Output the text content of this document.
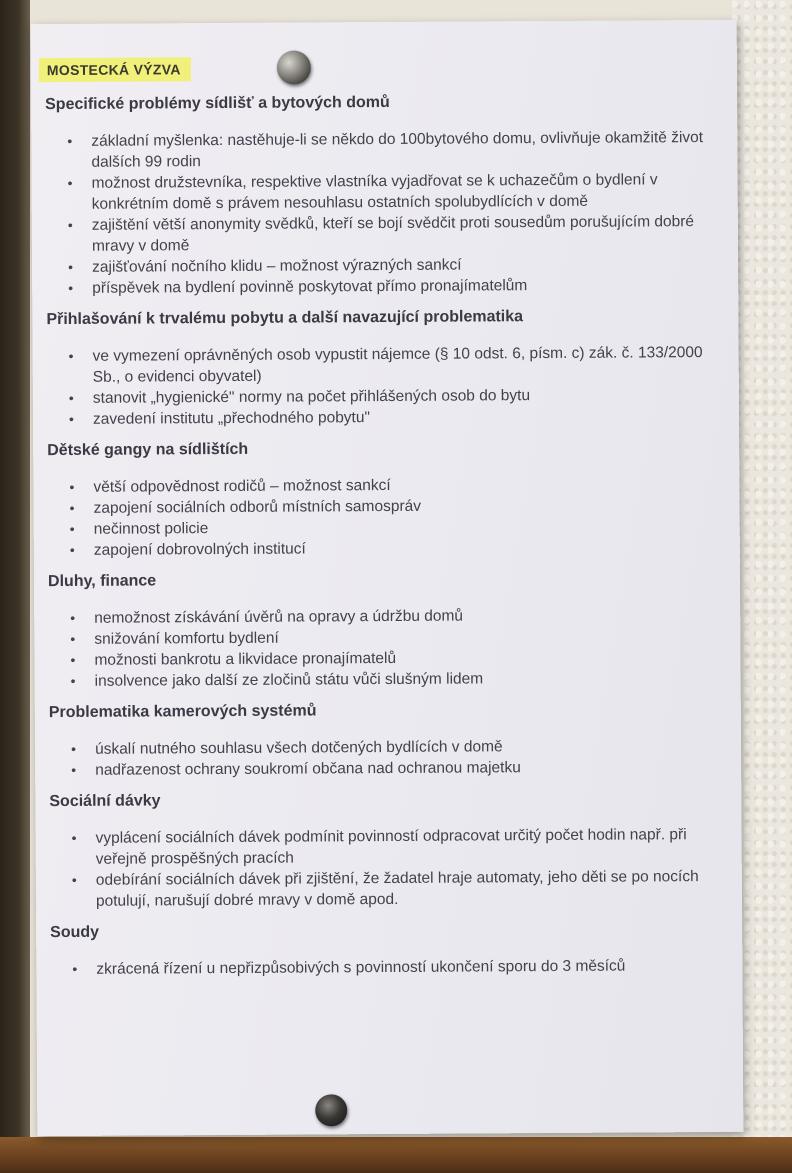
MOSTECKÁ VÝZVA
Specifické problémy sídlišť a bytových domů
• základní myšlenka: nastěhuje-li se někdo do 100bytového domu, ovlivňuje okamžitě život dalších 99 rodin
• možnost družstevníka, respektive vlastníka vyjadřovat se k uchazečům o bydlení v konkrétním domě s právem nesouhlasu ostatních spolubydlících v domě
• zajištění větší anonymity svědků, kteří se bojí svědčit proti sousedům porušujícím dobré mravy v domě
• zajišťování nočního klidu – možnost výrazných sankcí
• příspěvek na bydlení povinně poskytovat přímo pronajímatelům
Přihlašování k trvalému pobytu a další navazující problematika
• ve vymezení oprávněných osob vypustit nájemce (§ 10 odst. 6, písm. c) zák. č. 133/2000 Sb., o evidenci obyvatel)
• stanovit „hygienické" normy na počet přihlášených osob do bytu
• zavedení institutu „přechodného pobytu"
Dětské gangy na sídlištích
• větší odpovědnost rodičů – možnost sankcí
• zapojení sociálních odborů místních samospráv
• nečinnost policie
• zapojení dobrovolných institucí
Dluhy, finance
• nemožnost získávání úvěrů na opravy a údržbu domů
• snižování komfortu bydlení
• možnosti bankrotu a likvidace pronajímatelů
• insolvence jako další ze zločinů státu vůči slušným lidem
Problematika kamerových systémů
• úskalí nutného souhlasu všech dotčených bydlících v domě
• nadřazenost ochrany soukromí občana nad ochranou majetku
Sociální dávky
• vyplácení sociálních dávek podmínit povinností odpracovat určitý počet hodin např. při veřejně prospěšných pracích
• odebírání sociálních dávek při zjištění, že žadatel hraje automaty, jeho děti se po nocích potulují, narušují dobré mravy v domě apod.
Soudy
• zkrácená řízení u nepřizpůsobivých s povinností ukončení sporu do 3 měsíců
